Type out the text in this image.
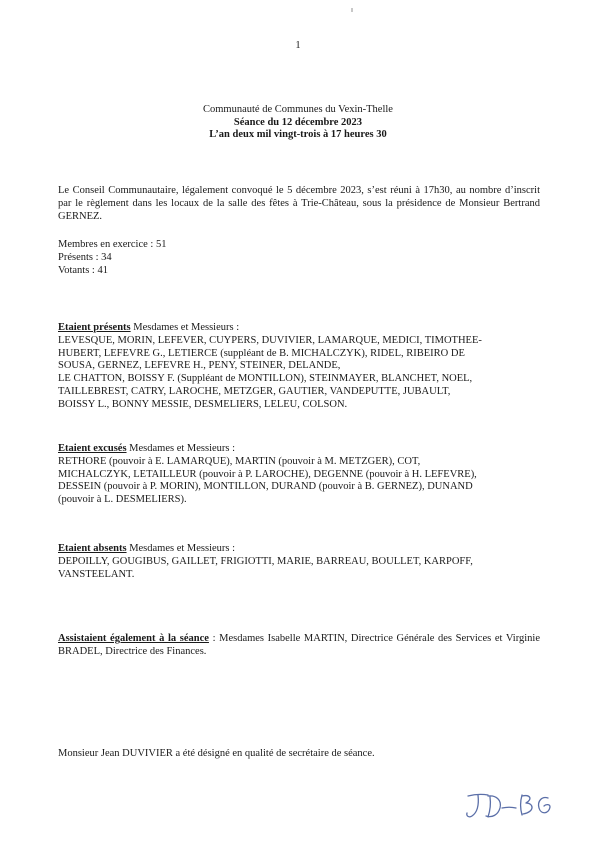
1
Communauté de Communes du Vexin-Thelle
Séance du 12 décembre 2023
L’an deux mil vingt-trois à 17 heures 30
Le Conseil Communautaire, légalement convoqué le 5 décembre 2023, s’est réuni à 17h30, au nombre d’inscrit par le règlement dans les locaux de la salle des fêtes à Trie-Château, sous la présidence de Monsieur Bertrand GERNEZ.
Membres en exercice : 51
Présents : 34
Votants : 41
Etaient présents Mesdames et Messieurs :
LEVESQUE, MORIN, LEFEVER, CUYPERS, DUVIVIER, LAMARQUE, MEDICI, TIMOTHEE-
HUBERT, LEFEVRE G., LETIERCE (suppléant de B. MICHALCZYK), RIDEL, RIBEIRO DE
SOUSA, GERNEZ, LEFEVRE H., PENY, STEINER, DELANDE,
LE CHATTON, BOISSY F. (Suppléant de MONTILLON), STEINMAYER, BLANCHET, NOEL,
TAILLEBREST, CATRY, LAROCHE, METZGER, GAUTIER, VANDEPUTTE, JUBAULT,
BOISSY L., BONNY MESSIE, DESMELIERS, LELEU, COLSON.
Etaient excusés Mesdames et Messieurs :
RETHORE (pouvoir à E. LAMARQUE), MARTIN (pouvoir à M. METZGER), COT,
MICHALCZYK, LETAILLEUR (pouvoir à P. LAROCHE), DEGENNE (pouvoir à H. LEFEVRE),
DESSEIN (pouvoir à P. MORIN), MONTILLON, DURAND (pouvoir à B. GERNEZ), DUNAND
(pouvoir à L. DESMELIERS).
Etaient absents Mesdames et Messieurs :
DEPOILLY, GOUGIBUS, GAILLET, FRIGIOTTI, MARIE, BARREAU, BOULLET, KARPOFF,
VANSTEELANT.
Assistaient également à la séance : Mesdames Isabelle MARTIN, Directrice Générale des Services et Virginie BRADEL, Directrice des Finances.
Monsieur Jean DUVIVIER a été désigné en qualité de secrétaire de séance.
